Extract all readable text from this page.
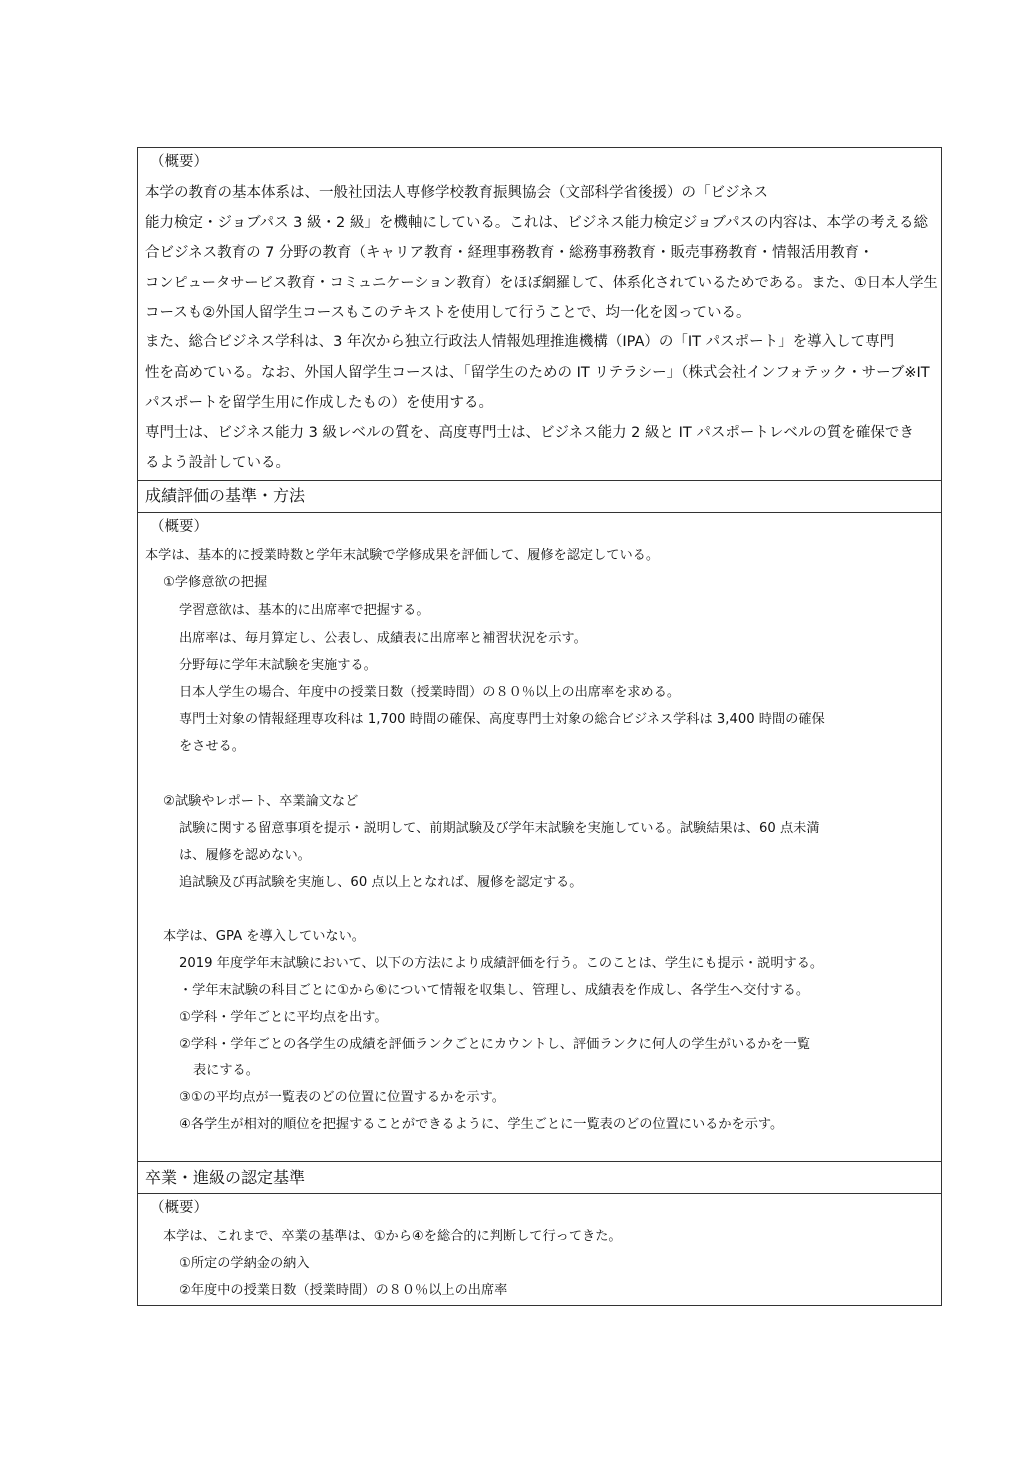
（概要）
本学の教育の基本体系は、一般社団法人専修学校教育振興協会（文部科学省後援）の「ビジネス
能力検定・ジョブパス 3 級・2 級」を機軸にしている。これは、ビジネス能力検定ジョブパスの内容は、本学の考える総
合ビジネス教育の 7 分野の教育（キャリア教育・経理事務教育・総務事務教育・販売事務教育・情報活用教育・
コンピュータサービス教育・コミュニケーション教育）をほぼ網羅して、体系化されているためである。また、①日本人学生
コースも②外国人留学生コースもこのテキストを使用して行うことで、均一化を図っている。
また、総合ビジネス学科は、3 年次から独立行政法人情報処理推進機構（IPA）の「IT パスポート」を導入して専門
性を高めている。なお、外国人留学生コースは、「留学生のための IT リテラシー」（株式会社インフォテック・サーブ※IT
パスポートを留学生用に作成したもの）を使用する。
専門士は、ビジネス能力 3 級レベルの質を、高度専門士は、ビジネス能力 2 級と IT パスポートレベルの質を確保でき
るよう設計している。
成績評価の基準・方法
（概要）
本学は、基本的に授業時数と学年末試験で学修成果を評価して、履修を認定している。
①学修意欲の把握
学習意欲は、基本的に出席率で把握する。
出席率は、毎月算定し、公表し、成績表に出席率と補習状況を示す。
分野毎に学年末試験を実施する。
日本人学生の場合、年度中の授業日数（授業時間）の８０％以上の出席率を求める。
専門士対象の情報経理専攻科は 1,700 時間の確保、高度専門士対象の総合ビジネス学科は 3,400 時間の確保
をさせる。
②試験やレポート、卒業論文など
試験に関する留意事項を提示・説明して、前期試験及び学年末試験を実施している。試験結果は、60 点未満
は、履修を認めない。
追試験及び再試験を実施し、60 点以上となれば、履修を認定する。
本学は、GPA を導入していない。
2019 年度学年末試験において、以下の方法により成績評価を行う。このことは、学生にも提示・説明する。
・学年末試験の科目ごとに①から⑥について情報を収集し、管理し、成績表を作成し、各学生へ交付する。
①学科・学年ごとに平均点を出す。
②学科・学年ごとの各学生の成績を評価ランクごとにカウントし、評価ランクに何人の学生がいるかを一覧
表にする。
③①の平均点が一覧表のどの位置に位置するかを示す。
④各学生が相対的順位を把握することができるように、学生ごとに一覧表のどの位置にいるかを示す。
卒業・進級の認定基準
（概要）
本学は、これまで、卒業の基準は、①から④を総合的に判断して行ってきた。
①所定の学納金の納入
②年度中の授業日数（授業時間）の８０％以上の出席率
